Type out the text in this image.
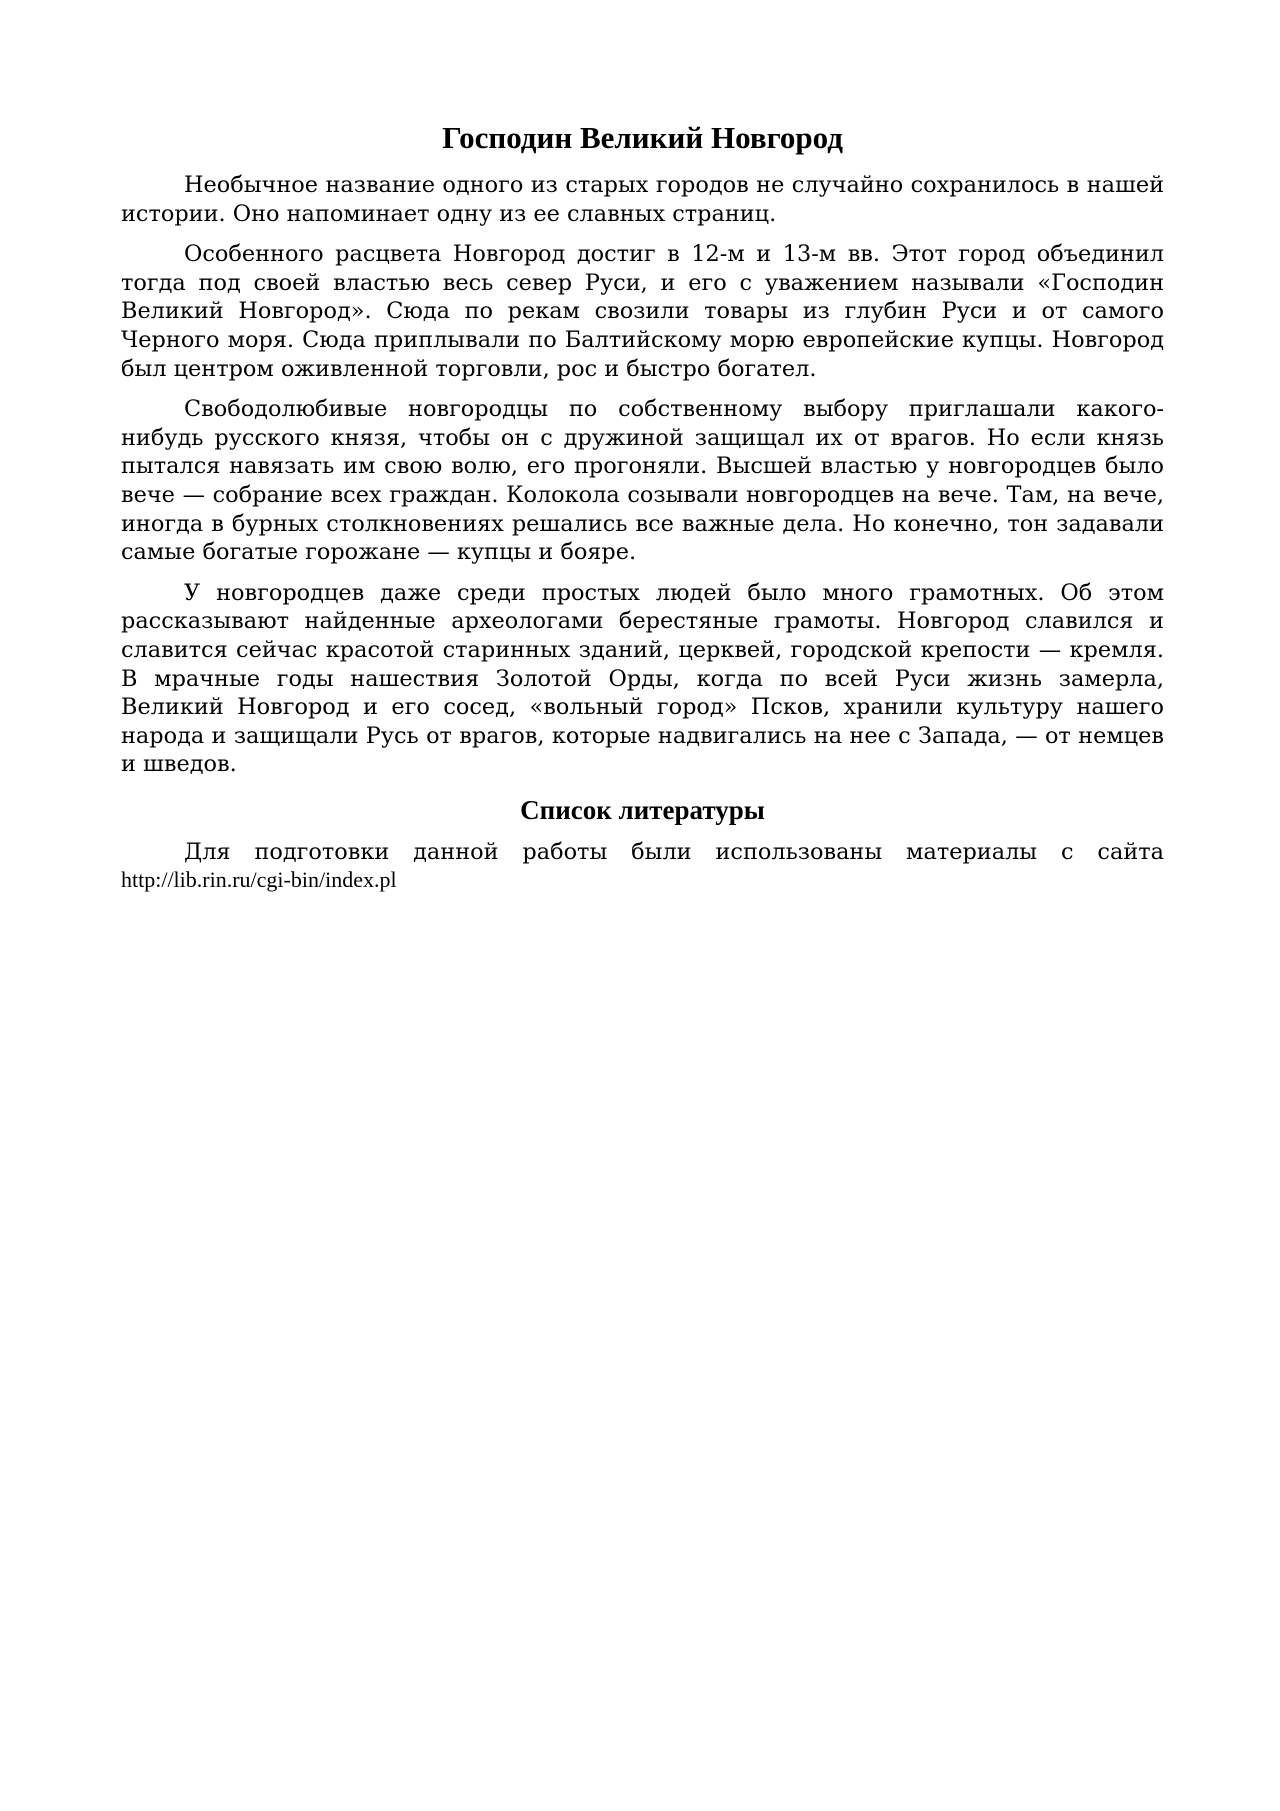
Господин Великий Новгород

Необычное название одного из старых городов не случайно сохранилось в нашей истории. Оно напоминает одну из ее славных страниц.

Особенного расцвета Новгород достиг в 12-м и 13-м вв. Этот город объединил тогда под своей властью весь север Руси, и его с уважением называли «Господин Великий Новгород». Сюда по рекам свозили товары из глубин Руси и от самого Черного моря. Сюда приплывали по Балтийскому морю европейские купцы. Новгород был центром оживленной торговли, рос и быстро богател.

Свободолюбивые новгородцы по собственному выбору приглашали какого-нибудь русского князя, чтобы он с дружиной защищал их от врагов. Но если князь пытался навязать им свою волю, его прогоняли. Высшей властью у новгородцев было вече — собрание всех граждан. Колокола созывали новгородцев на вече. Там, на вече, иногда в бурных столкновениях решались все важные дела. Но конечно, тон задавали самые богатые горожане — купцы и бояре.

У новгородцев даже среди простых людей было много грамотных. Об этом рассказывают найденные археологами берестяные грамоты. Новгород славился и славится сейчас красотой старинных зданий, церквей, городской крепости — кремля. В мрачные годы нашествия Золотой Орды, когда по всей Руси жизнь замерла, Великий Новгород и его сосед, «вольный город» Псков, хранили культуру нашего народа и защищали Русь от врагов, которые надвигались на нее с Запада, — от немцев и шведов.

Список литературы

Для подготовки данной работы были использованы материалы с сайта http://lib.rin.ru/cgi-bin/index.pl
